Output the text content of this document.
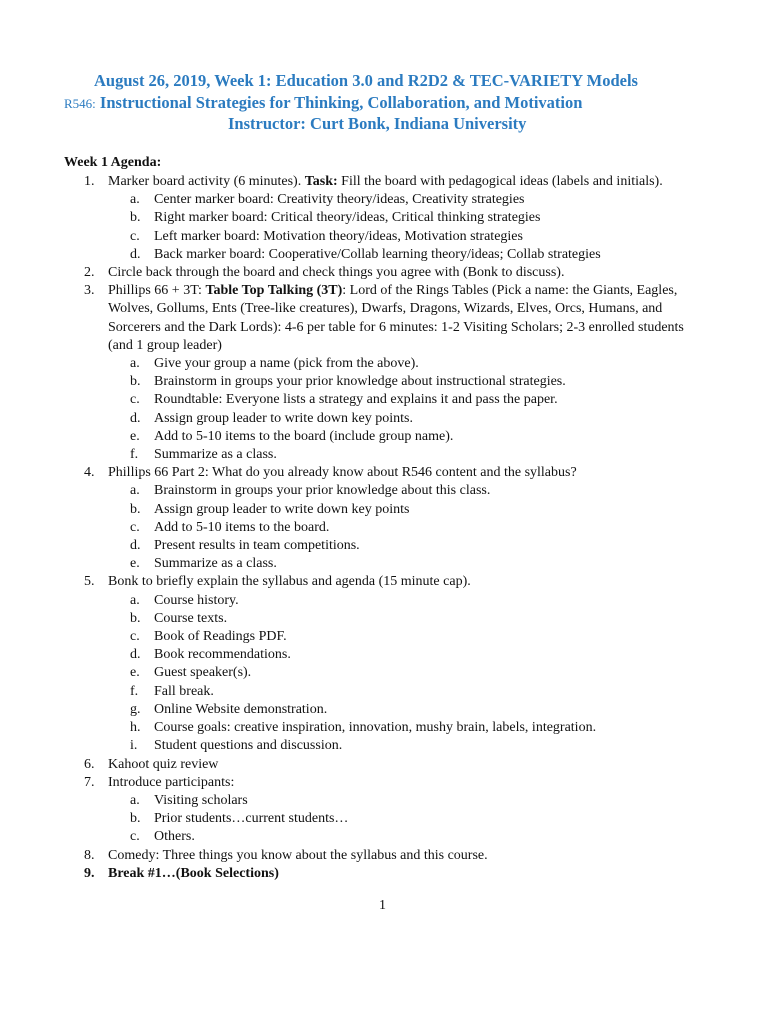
August 26, 2019, Week 1: Education 3.0 and R2D2 & TEC-VARIETY Models
R546: Instructional Strategies for Thinking, Collaboration, and Motivation
Instructor: Curt Bonk, Indiana University
Week 1 Agenda:
1. Marker board activity (6 minutes). Task: Fill the board with pedagogical ideas (labels and initials).
a. Center marker board: Creativity theory/ideas, Creativity strategies
b. Right marker board: Critical theory/ideas, Critical thinking strategies
c. Left marker board: Motivation theory/ideas, Motivation strategies
d. Back marker board: Cooperative/Collab learning theory/ideas; Collab strategies
2. Circle back through the board and check things you agree with (Bonk to discuss).
3. Phillips 66 + 3T: Table Top Talking (3T): Lord of the Rings Tables (Pick a name: the Giants, Eagles, Wolves, Gollums, Ents (Tree-like creatures), Dwarfs, Dragons, Wizards, Elves, Orcs, Humans, and Sorcerers and the Dark Lords): 4-6 per table for 6 minutes: 1-2 Visiting Scholars; 2-3 enrolled students (and 1 group leader)
a. Give your group a name (pick from the above).
b. Brainstorm in groups your prior knowledge about instructional strategies.
c. Roundtable: Everyone lists a strategy and explains it and pass the paper.
d. Assign group leader to write down key points.
e. Add to 5-10 items to the board (include group name).
f. Summarize as a class.
4. Phillips 66 Part 2: What do you already know about R546 content and the syllabus?
a. Brainstorm in groups your prior knowledge about this class.
b. Assign group leader to write down key points
c. Add to 5-10 items to the board.
d. Present results in team competitions.
e. Summarize as a class.
5. Bonk to briefly explain the syllabus and agenda (15 minute cap).
a. Course history.
b. Course texts.
c. Book of Readings PDF.
d. Book recommendations.
e. Guest speaker(s).
f. Fall break.
g. Online Website demonstration.
h. Course goals: creative inspiration, innovation, mushy brain, labels, integration.
i. Student questions and discussion.
6. Kahoot quiz review
7. Introduce participants:
a. Visiting scholars
b. Prior students…current students…
c. Others.
8. Comedy: Three things you know about the syllabus and this course.
9. Break #1…(Book Selections)
1
